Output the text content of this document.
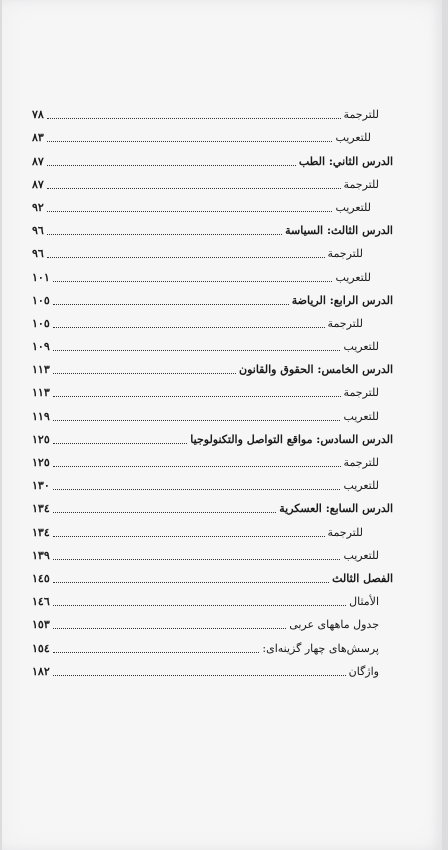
للترجمة
٧٨
للتعريب
٨٣
الدرس الثاني: الطب
٨٧
للترجمة
٨٧
للتعريب
٩٢
الدرس الثالث: السياسة
٩٦
للترجمة
٩٦
للتعريب
١٠١
الدرس الرابع: الرياضة
١٠٥
للترجمة
١٠٥
للتعريب
١٠٩
الدرس الخامس: الحقوق والقانون
١١٣
للترجمة
١١٣
للتعريب
١١٩
الدرس السادس: مواقع التواصل والتكنولوجيا
١٢٥
للترجمة
١٢٥
للتعريب
١٣٠
الدرس السابع: العسكرية
١٣٤
للترجمة
١٣٤
للتعريب
١٣٩
الفصل الثالث
١٤٥
الأمثال
١٤٦
جدول ماههای عربی
١٥٣
پرسش‌های چهار گزینه‌ای:
١٥٤
واژگان
١٨٢
